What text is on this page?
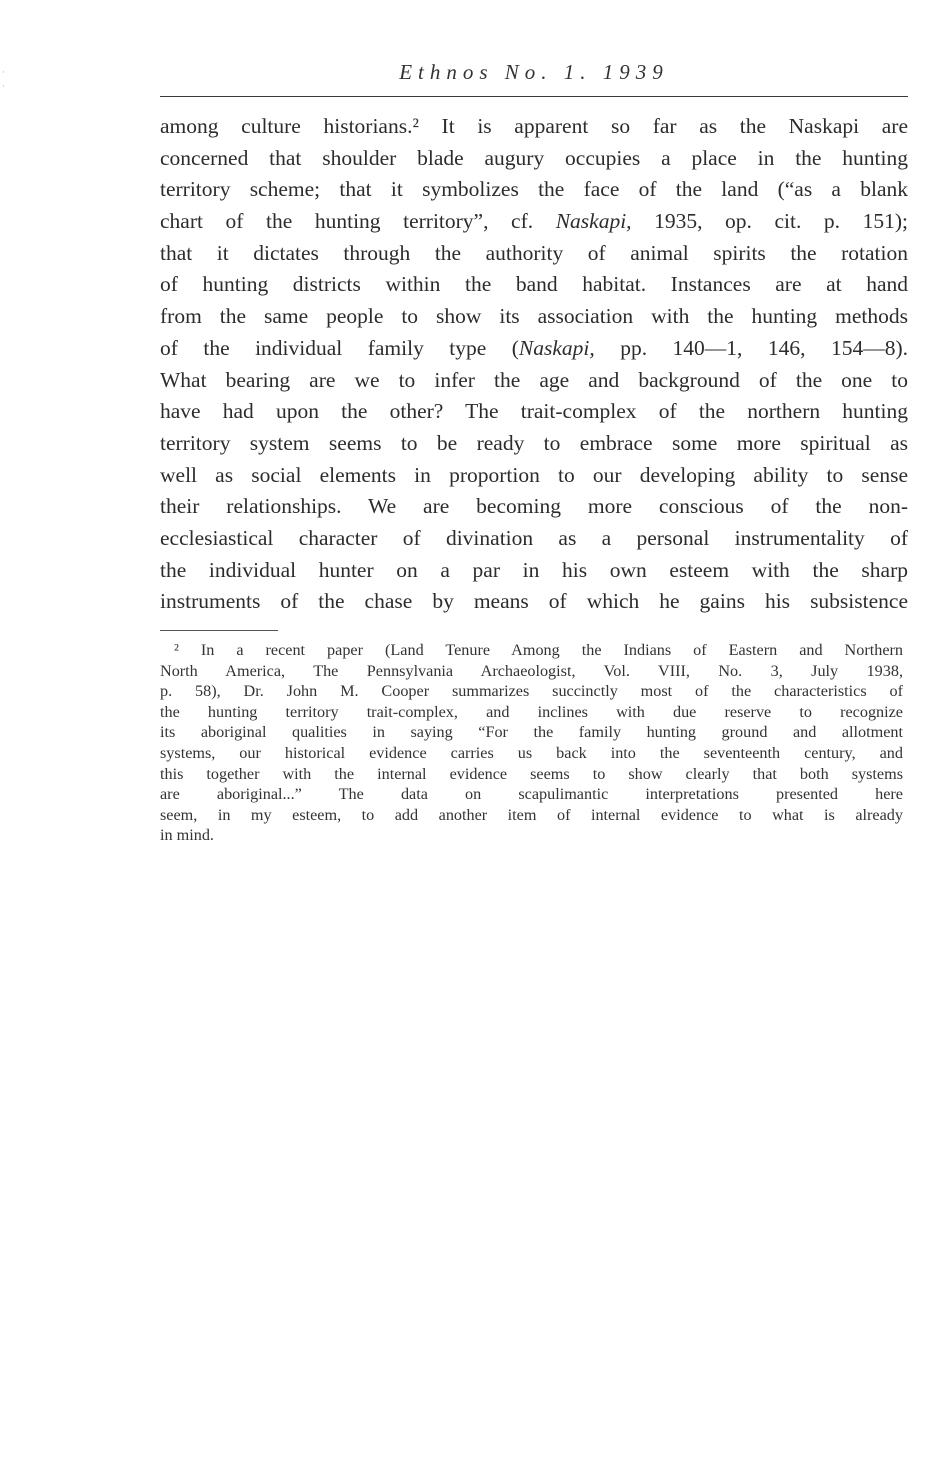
·
·
Ethnos No. 1. 1939
among culture historians.² It is apparent so far as the Naskapi are
concerned that shoulder blade augury occupies a place in the hunting
territory scheme; that it symbolizes the face of the land (“as a blank
chart of the hunting territory”, cf. Naskapi, 1935, op. cit. p. 151);
that it dictates through the authority of animal spirits the rotation
of hunting districts within the band habitat. Instances are at hand
from the same people to show its association with the hunting methods
of the individual family type (Naskapi, pp. 140—1, 146, 154—8).
What bearing are we to infer the age and background of the one to
have had upon the other? The trait-complex of the northern hunting
territory system seems to be ready to embrace some more spiritual as
well as social elements in proportion to our developing ability to sense
their relationships. We are becoming more conscious of the non-
ecclesiastical character of divination as a personal instrumentality of
the individual hunter on a par in his own esteem with the sharp
instruments of the chase by means of which he gains his subsistence
² In a recent paper (Land Tenure Among the Indians of Eastern and Northern
North America, The Pennsylvania Archaeologist, Vol. VIII, No. 3, July 1938,
p. 58), Dr. John M. Cooper summarizes succinctly most of the characteristics of
the hunting territory trait-complex, and inclines with due reserve to recognize
its aboriginal qualities in saying “For the family hunting ground and allotment
systems, our historical evidence carries us back into the seventeenth century, and
this together with the internal evidence seems to show clearly that both systems
are aboriginal...” The data on scapulimantic interpretations presented here
seem, in my esteem, to add another item of internal evidence to what is already
in mind.
